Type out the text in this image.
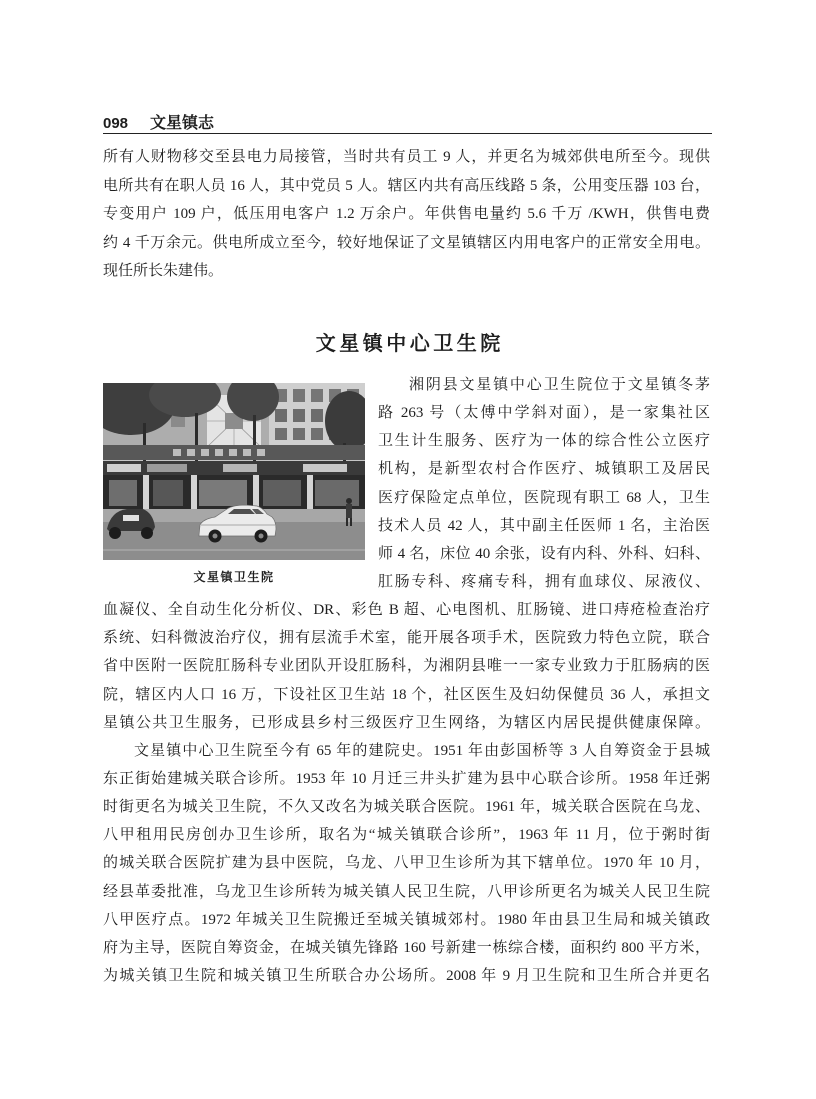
098 文星镇志
所有人财物移交至县电力局接管，当时共有员工 9 人，并更名为城郊供电所至今。现供
电所共有在职人员 16 人，其中党员 5 人。辖区内共有高压线路 5 条，公用变压器 103 台，
专变用户 109 户，低压用电客户 1.2 万余户。年供售电量约 5.6 千万 /KWH，供售电费
约 4 千万余元。供电所成立至今，较好地保证了文星镇辖区内用电客户的正常安全用电。
现任所长朱建伟。
文星镇中心卫生院
文星镇卫生院
湘阴县文星镇中心卫生院位于文星镇冬茅
路 263 号（太傅中学斜对面），是一家集社区
卫生计生服务、医疗为一体的综合性公立医疗
机构，是新型农村合作医疗、城镇职工及居民
医疗保险定点单位，医院现有职工 68 人，卫生
技术人员 42 人，其中副主任医师 1 名，主治医
师 4 名，床位 40 余张，设有内科、外科、妇科、
肛肠专科、疼痛专科，拥有血球仪、尿液仪、
血凝仪、全自动生化分析仪、DR、彩色 B 超、心电图机、肛肠镜、进口痔疮检查治疗
系统、妇科微波治疗仪，拥有层流手术室，能开展各项手术，医院致力特色立院，联合
省中医附一医院肛肠科专业团队开设肛肠科，为湘阴县唯一一家专业致力于肛肠病的医
院，辖区内人口 16 万，下设社区卫生站 18 个，社区医生及妇幼保健员 36 人，承担文
星镇公共卫生服务，已形成县乡村三级医疗卫生网络，为辖区内居民提供健康保障。
文星镇中心卫生院至今有 65 年的建院史。1951 年由彭国桥等 3 人自筹资金于县城
东正街始建城关联合诊所。1953 年 10 月迁三井头扩建为县中心联合诊所。1958 年迁粥
时街更名为城关卫生院，不久又改名为城关联合医院。1961 年，城关联合医院在乌龙、
八甲租用民房创办卫生诊所，取名为“城关镇联合诊所”，1963 年 11 月，位于粥时街
的城关联合医院扩建为县中医院，乌龙、八甲卫生诊所为其下辖单位。1970 年 10 月，
经县革委批准，乌龙卫生诊所转为城关镇人民卫生院，八甲诊所更名为城关人民卫生院
八甲医疗点。1972 年城关卫生院搬迁至城关镇城郊村。1980 年由县卫生局和城关镇政
府为主导，医院自筹资金，在城关镇先锋路 160 号新建一栋综合楼，面积约 800 平方米，
为城关镇卫生院和城关镇卫生所联合办公场所。2008 年 9 月卫生院和卫生所合并更名
